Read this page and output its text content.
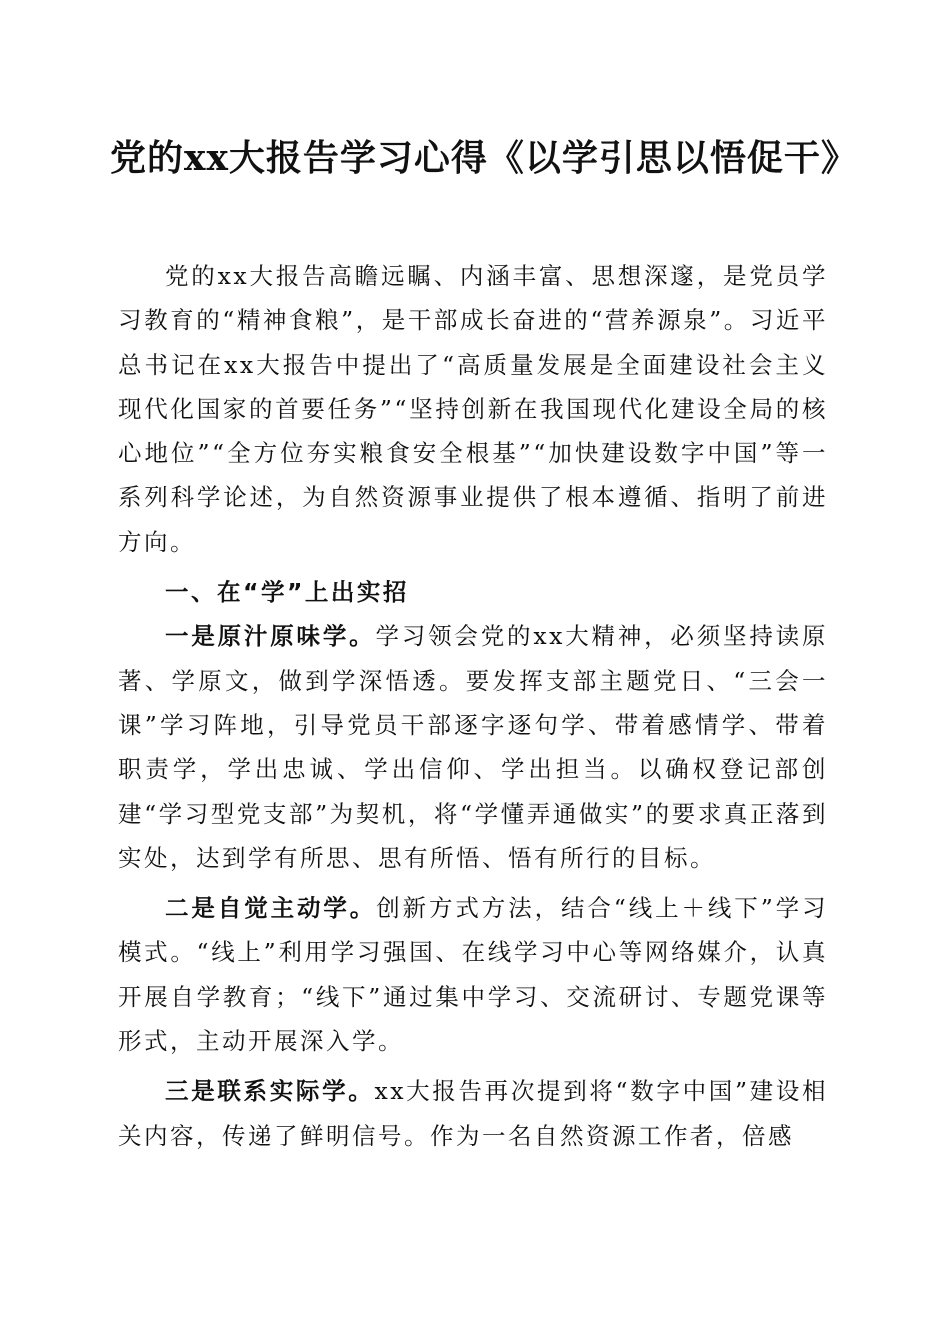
党的xx大报告学习心得《以学引思以悟促干》

党的xx大报告高瞻远瞩、内涵丰富、思想深邃，是党员学习教育的“精神食粮”，是干部成长奋进的“营养源泉”。习近平总书记在xx大报告中提出了“高质量发展是全面建设社会主义现代化国家的首要任务”“坚持创新在我国现代化建设全局的核心地位”“全方位夯实粮食安全根基”“加快建设数字中国”等一系列科学论述，为自然资源事业提供了根本遵循、指明了前进方向。

一、在“学”上出实招

一是原汁原味学。学习领会党的xx大精神，必须坚持读原著、学原文，做到学深悟透。要发挥支部主题党日、“三会一课”学习阵地，引导党员干部逐字逐句学、带着感情学、带着职责学，学出忠诚、学出信仰、学出担当。以确权登记部创建“学习型党支部”为契机，将“学懂弄通做实”的要求真正落到实处，达到学有所思、思有所悟、悟有所行的目标。

二是自觉主动学。创新方式方法，结合“线上＋线下”学习模式。“线上”利用学习强国、在线学习中心等网络媒介，认真开展自学教育；“线下”通过集中学习、交流研讨、专题党课等形式，主动开展深入学。

三是联系实际学。xx大报告再次提到将“数字中国”建设相关内容，传递了鲜明信号。作为一名自然资源工作者，倍感
